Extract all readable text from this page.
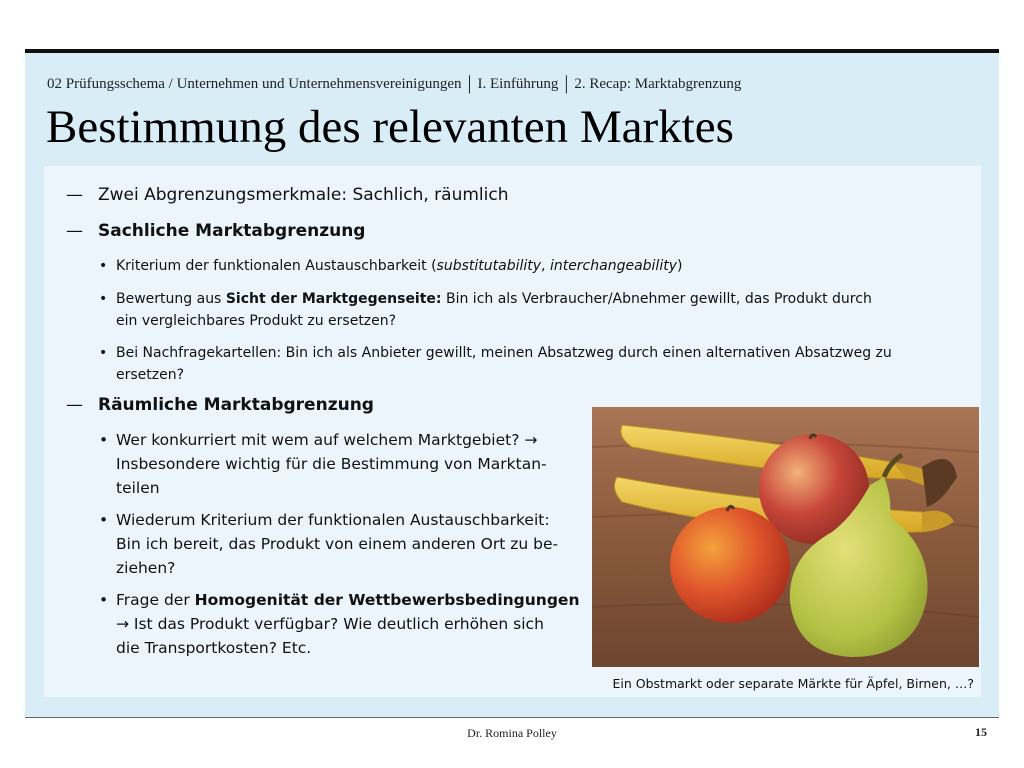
02 Prüfungsschema / Unternehmen und Unternehmensvereinigungen | I. Einführung | 2. Recap: Marktabgrenzung
Bestimmung des relevanten Marktes
— Zwei Abgrenzungsmerkmale: Sachlich, räumlich
— Sachliche Marktabgrenzung
• Kriterium der funktionalen Austauschbarkeit (substitutability, interchangeability)
• Bewertung aus Sicht der Marktgegenseite: Bin ich als Verbraucher/Abnehmer gewillt, das Produkt durch
ein vergleichbares Produkt zu ersetzen?
• Bei Nachfragekartellen: Bin ich als Anbieter gewillt, meinen Absatzweg durch einen alternativen Absatzweg zu
ersetzen?
— Räumliche Marktabgrenzung
• Wer konkurriert mit wem auf welchem Marktgebiet? →
Insbesondere wichtig für die Bestimmung von Marktan-
teilen
• Wiederum Kriterium der funktionalen Austauschbarkeit:
Bin ich bereit, das Produkt von einem anderen Ort zu be-
ziehen?
• Frage der Homogenität der Wettbewerbsbedingungen
→ Ist das Produkt verfügbar? Wie deutlich erhöhen sich
die Transportkosten? Etc.
Ein Obstmarkt oder separate Märkte für Äpfel, Birnen, …?
Dr. Romina Polley	15
